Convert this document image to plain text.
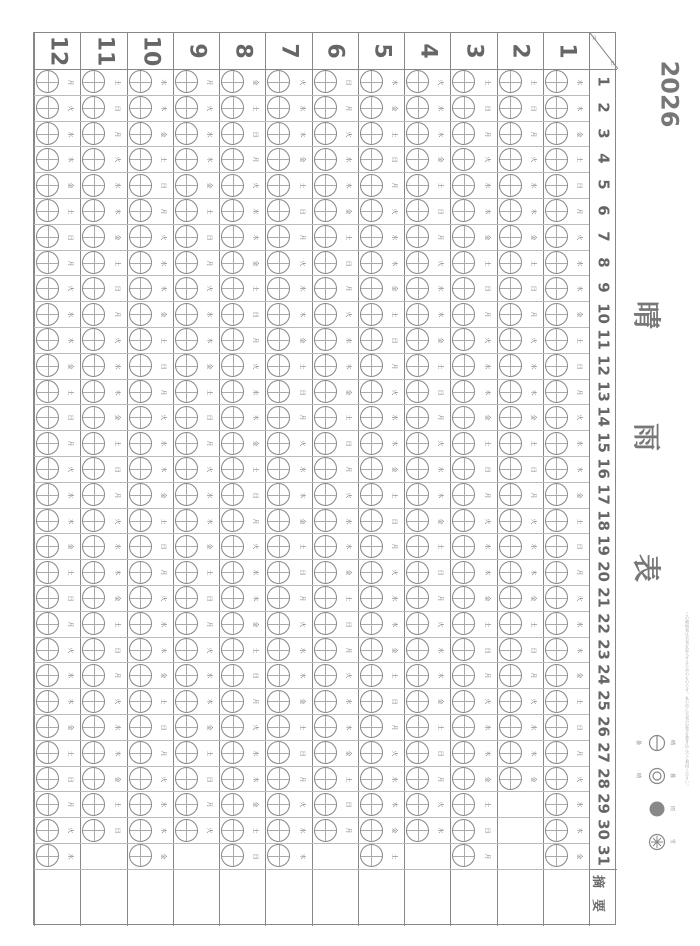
月
日
1
2
3
4
5
6
7
8
9
10
11
12
13
14
15
16
17
18
19
20
21
22
23
24
25
26
27
28
29
30
31
1
水
木
金
土
日
月
火
水
木
金
土
日
月
火
水
木
金
土
日
月
火
水
木
金
土
日
月
火
水
木
金
2
土
日
月
火
水
木
金
土
日
月
火
水
木
金
土
日
月
火
水
木
金
土
日
月
火
水
木
金
3
土
日
月
火
水
木
金
土
日
月
火
水
木
金
土
日
月
火
水
木
金
土
日
月
火
水
木
金
土
日
月
4
火
水
木
金
土
日
月
火
水
木
金
土
日
月
火
水
木
金
土
日
月
火
水
木
金
土
日
月
火
水
5
木
金
土
日
月
火
水
木
金
土
日
月
火
水
木
金
土
日
月
火
水
木
金
土
日
月
火
水
木
金
土
6
日
月
火
水
木
金
土
日
月
火
水
木
金
土
日
月
火
水
木
金
土
日
月
火
水
木
金
土
日
月
7
火
水
木
金
土
日
月
火
水
木
金
土
日
月
火
水
木
金
土
日
月
火
水
木
金
土
日
月
火
水
木
8
金
土
日
月
火
水
木
金
土
日
月
火
水
木
金
土
日
月
火
水
木
金
土
日
月
火
水
木
金
土
日
9
月
火
水
木
金
土
日
月
火
水
木
金
土
日
月
火
水
木
金
土
日
月
火
水
木
金
土
日
月
火
10
水
木
金
土
日
月
火
水
木
金
土
日
月
火
水
木
金
土
日
月
火
水
木
金
土
日
月
火
水
木
金
11
土
日
月
火
水
木
金
土
日
月
火
水
木
金
土
日
月
火
水
木
金
土
日
月
火
水
木
金
土
日
12
月
火
水
木
金
土
日
月
火
水
木
金
土
日
月
火
水
木
金
土
日
月
火
水
木
金
土
日
月
火
水
2026
晴
雨
表
摘
要
晴
曇
曇
晴
雨
雪
この晴雨表は天気を記入するためのものです。丸の中に天気の記号を書き込んでご利用ください。
